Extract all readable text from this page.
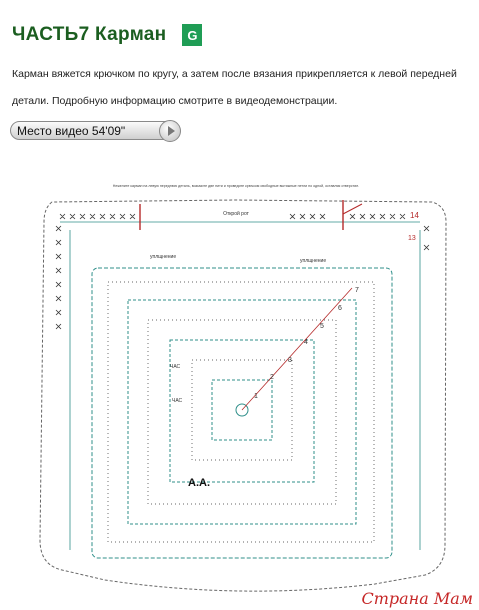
ЧАСТЬ7 Карман	G
Карман вяжется крючком по кругу, а затем после вязания прикрепляется к левой передней
детали. Подробную информацию смотрите в видеодемонстрации.
Место видео 54'09"
Нежелите карман на левую переднюю деталь, возьмите две нити и проведите крючком свободные вытяжные петли по одной, оставляя отверстие.
Открой рот	14
13
уплщнение
уплщнение
1
2
3
4
5
6
7
ЧАС
ЧАС
A.A.
Страна Мам
